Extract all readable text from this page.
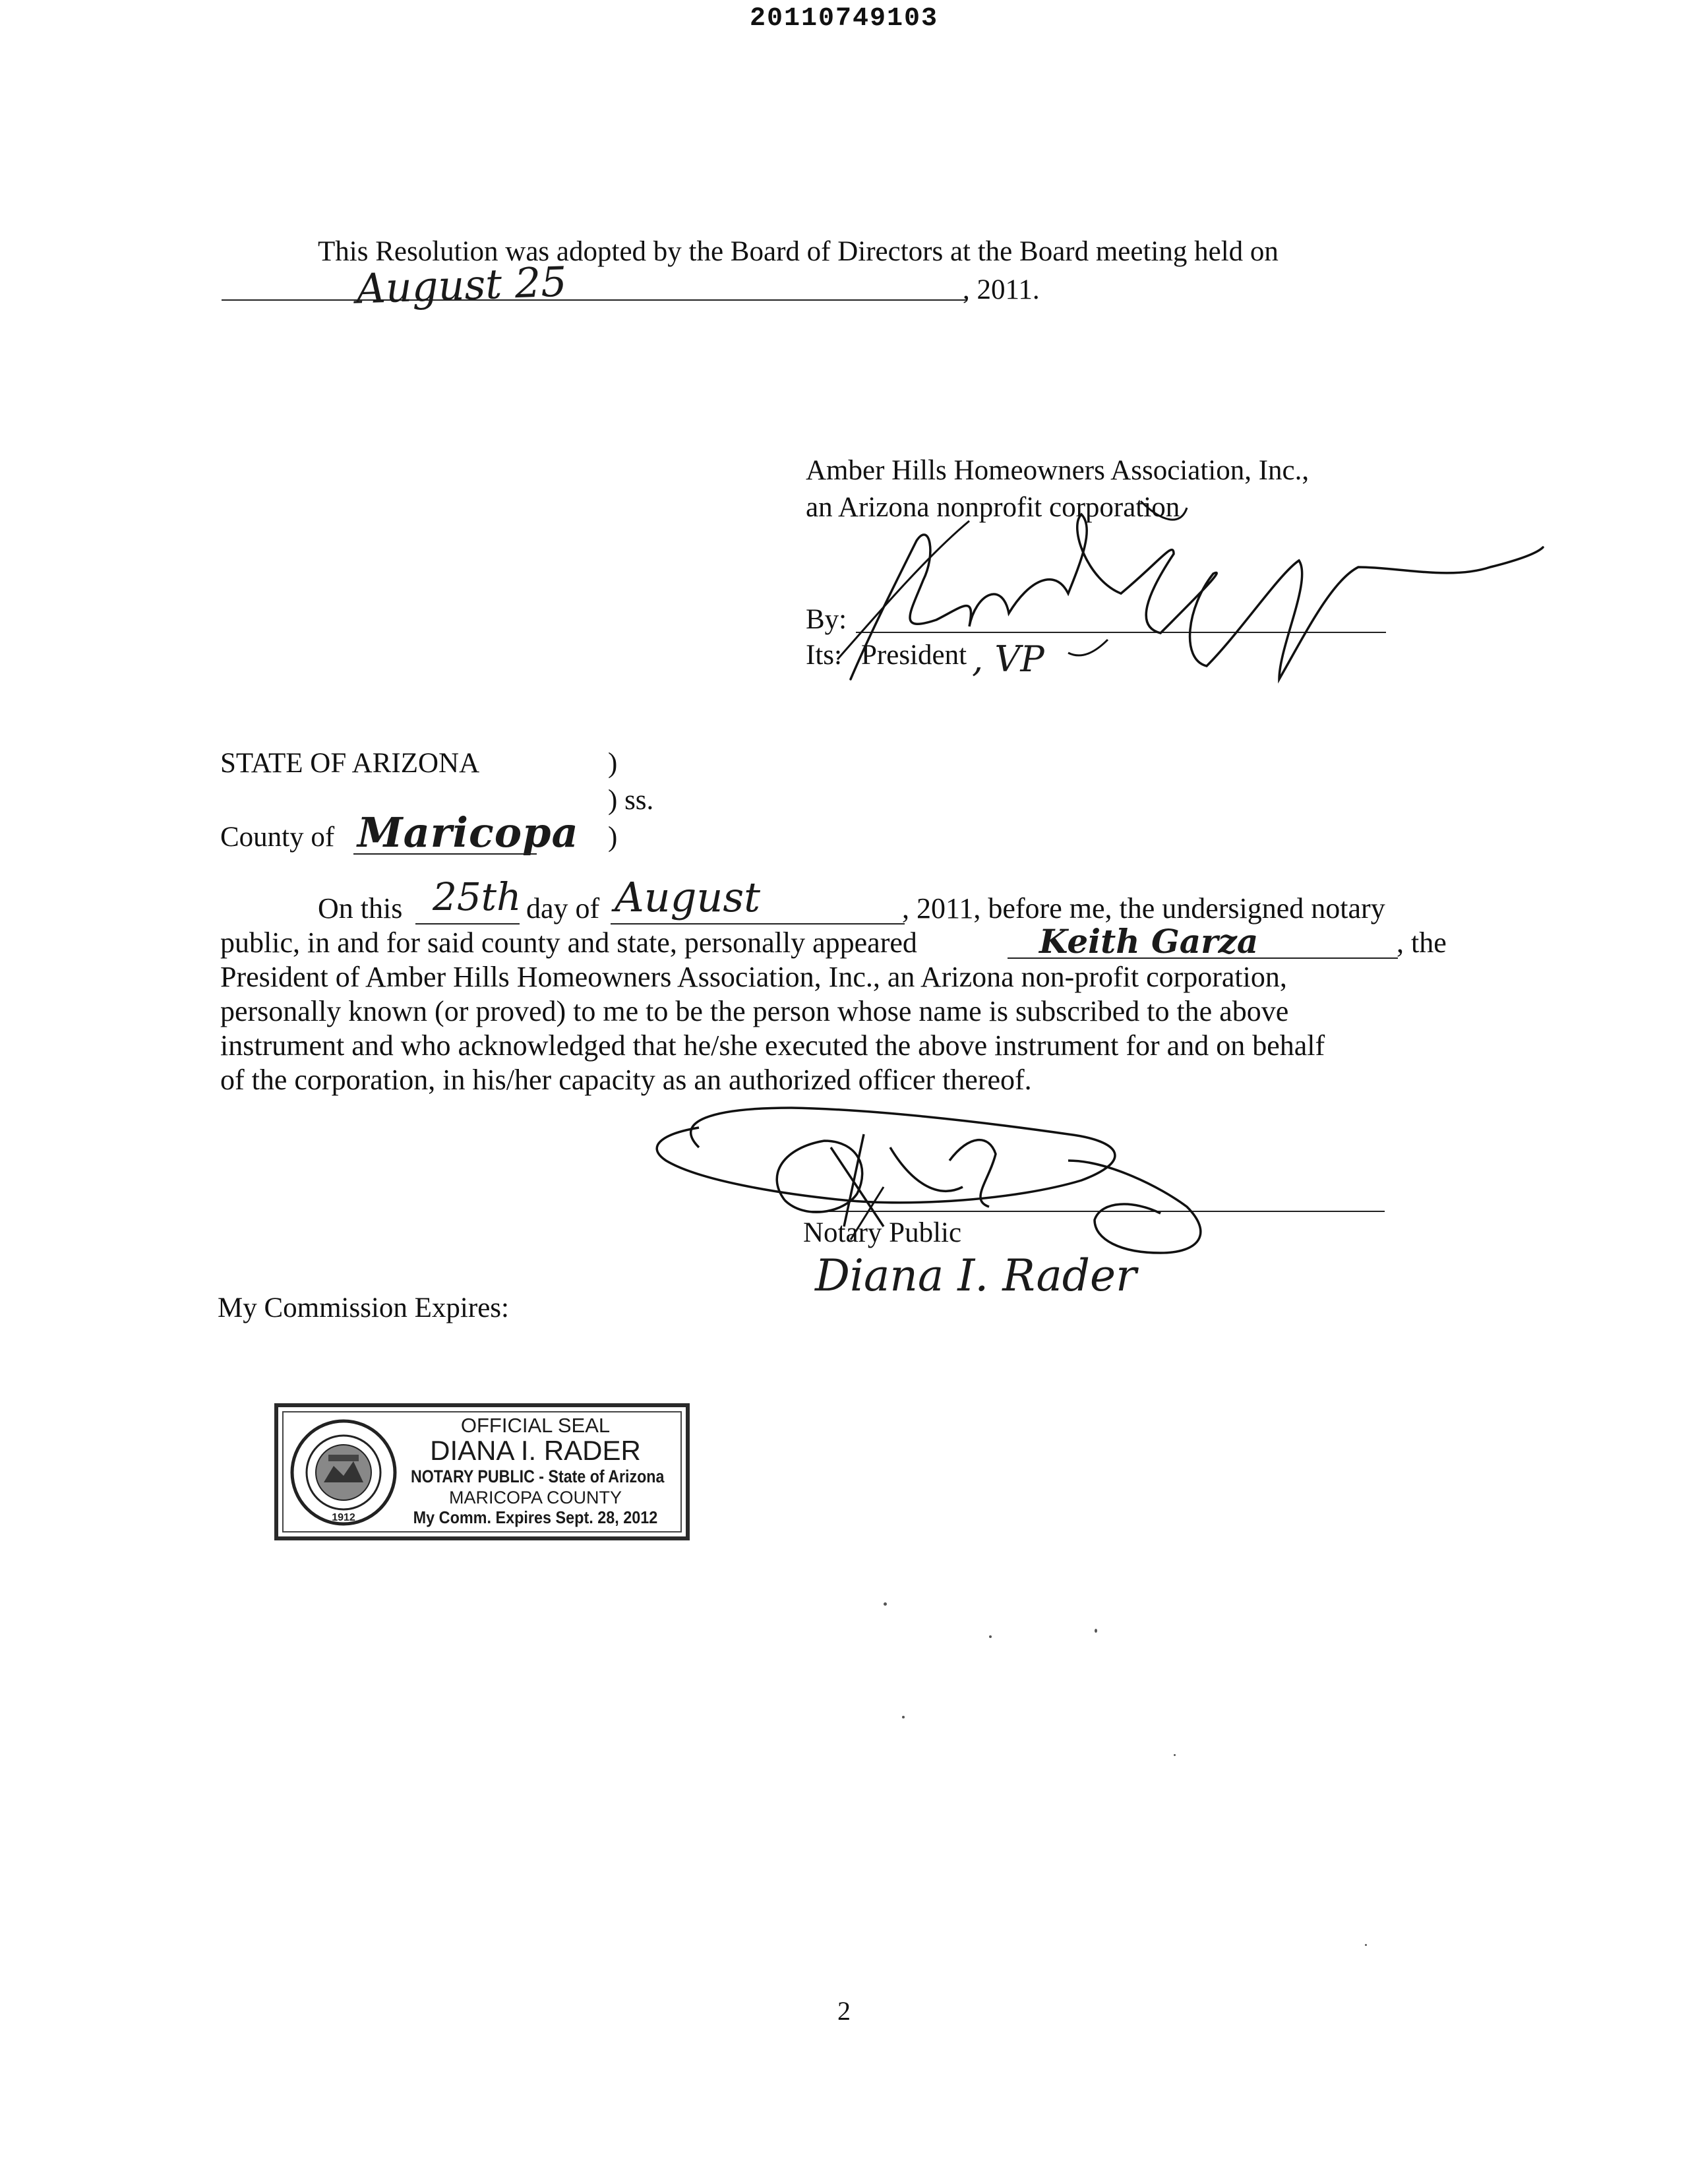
20110749103
This Resolution was adopted by the Board of Directors at the Board meeting held on
August 25	, 2011.
Amber Hills Homeowners Association, Inc.,
an Arizona nonprofit corporation
By:
Its: President , VP
STATE OF ARIZONA	)
) ss.
County of Maricopa )
On this 25th day of August	, 2011, before me, the undersigned notary
public, in and for said county and state, personally appeared	Keith Garza	, the
President of Amber Hills Homeowners Association, Inc., an Arizona non-profit corporation,
personally known (or proved) to me to be the person whose name is subscribed to the above
instrument and who acknowledged that he/she executed the above instrument for and on behalf
of the corporation, in his/her capacity as an authorized officer thereof.
Notary Public
Diana I. Rader
My Commission Expires:
1912
OFFICIAL SEAL
DIANA I. RADER
NOTARY PUBLIC - State of Arizona
MARICOPA COUNTY
My Comm. Expires Sept. 28, 2012
2
